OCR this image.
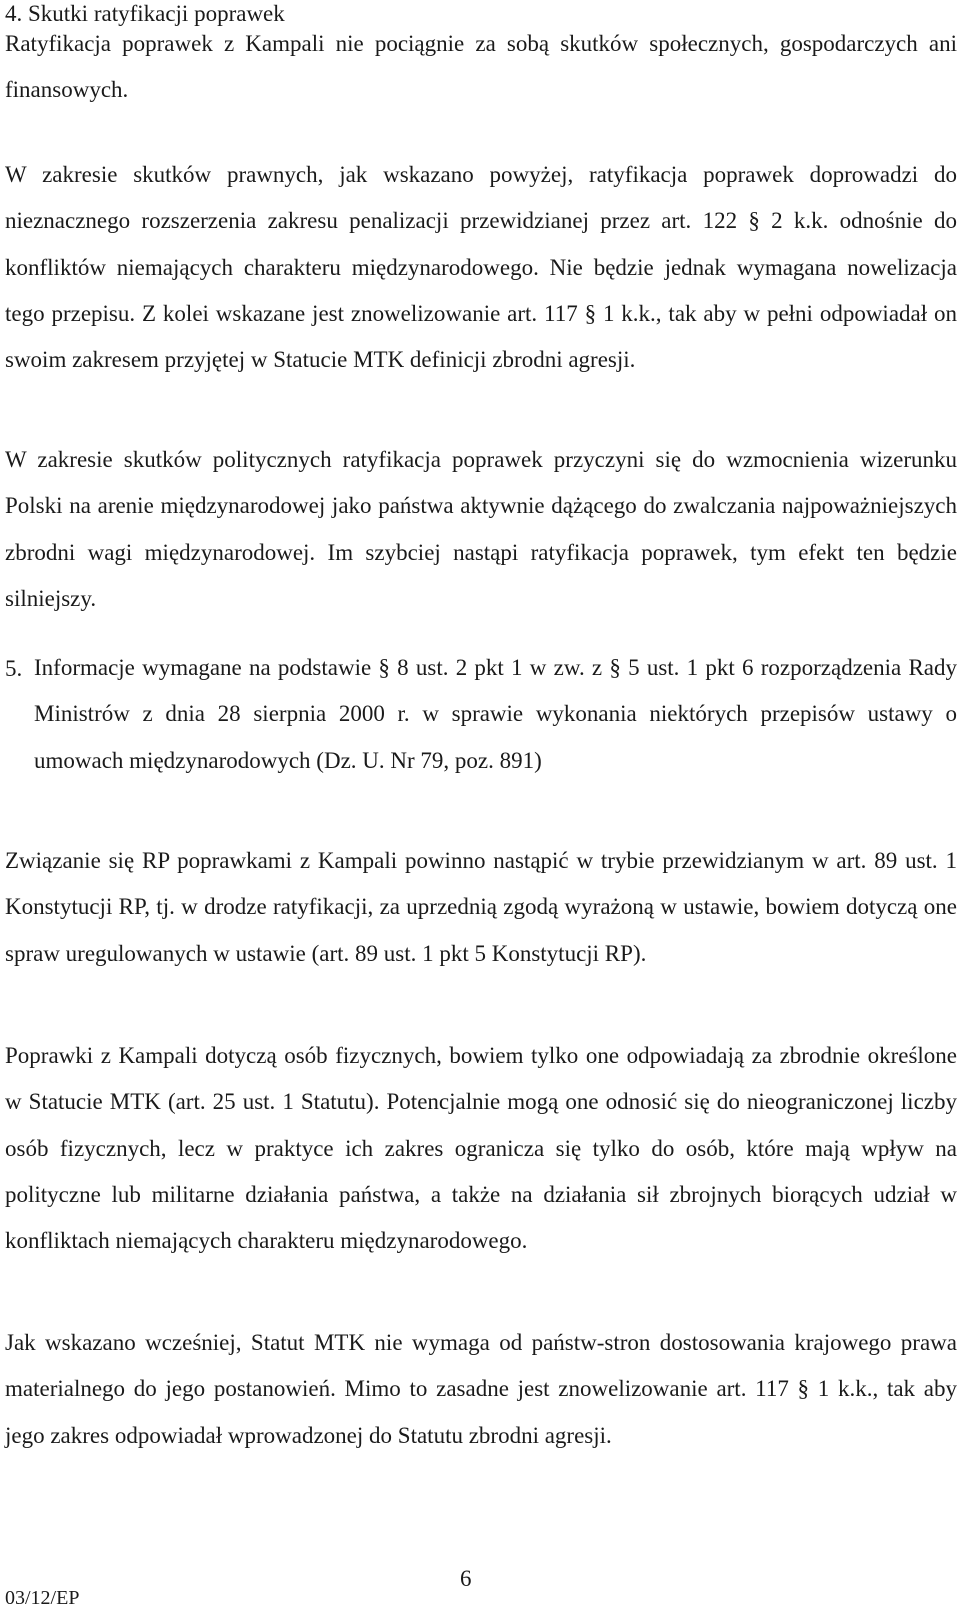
4. Skutki ratyfikacji poprawek

Ratyfikacja poprawek z Kampali nie pociągnie za sobą skutków społecznych, gospodarczych ani finansowych.

W zakresie skutków prawnych, jak wskazano powyżej, ratyfikacja poprawek doprowadzi do nieznacznego rozszerzenia zakresu penalizacji przewidzianej przez art. 122 § 2 k.k. odnośnie do konfliktów niemających charakteru międzynarodowego. Nie będzie jednak wymagana nowelizacja tego przepisu. Z kolei wskazane jest znowelizowanie art. 117 § 1 k.k., tak aby w pełni odpowiadał on swoim zakresem przyjętej w Statucie MTK definicji zbrodni agresji.

W zakresie skutków politycznych ratyfikacja poprawek przyczyni się do wzmocnienia wizerunku Polski na arenie międzynarodowej jako państwa aktywnie dążącego do zwalczania najpoważniejszych zbrodni wagi międzynarodowej. Im szybciej nastąpi ratyfikacja poprawek, tym efekt ten będzie silniejszy.

5. Informacje wymagane na podstawie § 8 ust. 2 pkt 1 w zw. z § 5 ust. 1 pkt 6 rozporządzenia Rady Ministrów z dnia 28 sierpnia 2000 r. w sprawie wykonania niektórych przepisów ustawy o umowach międzynarodowych (Dz. U. Nr 79, poz. 891)

Związanie się RP poprawkami z Kampali powinno nastąpić w trybie przewidzianym w art. 89 ust. 1 Konstytucji RP, tj. w drodze ratyfikacji, za uprzednią zgodą wyrażoną w ustawie, bowiem dotyczą one spraw uregulowanych w ustawie (art. 89 ust. 1 pkt 5 Konstytucji RP).

Poprawki z Kampali dotyczą osób fizycznych, bowiem tylko one odpowiadają za zbrodnie określone w Statucie MTK (art. 25 ust. 1 Statutu). Potencjalnie mogą one odnosić się do nieograniczonej liczby osób fizycznych, lecz w praktyce ich zakres ogranicza się tylko do osób, które mają wpływ na polityczne lub militarne działania państwa, a także na działania sił zbrojnych biorących udział w konfliktach niemających charakteru międzynarodowego.

Jak wskazano wcześniej, Statut MTK nie wymaga od państw-stron dostosowania krajowego prawa materialnego do jego postanowień. Mimo to zasadne jest znowelizowanie art. 117 § 1 k.k., tak aby jego zakres odpowiadał wprowadzonej do Statutu zbrodni agresji.

6
03/12/EP
